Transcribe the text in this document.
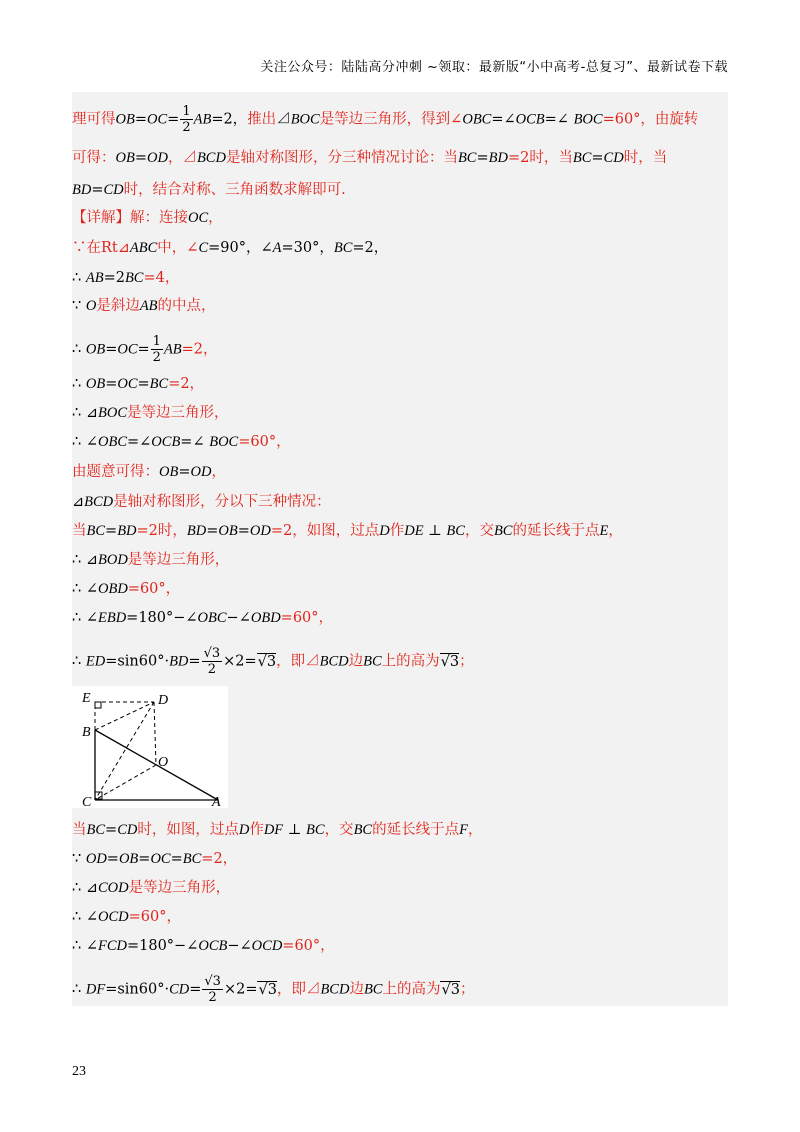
关注公众号：陆陆高分冲刺 ~领取：最新版“小中高考-总复习”、最新试卷下载
理可得$OB=OC= \frac{1}{2} AB=2$，推出⊿BOC是等边三角形，得到∠OBC=∠OCB=∠ BOC=60°，由旋转
可得：OB=OD，⊿BCD是轴对称图形，分三种情况讨论：当BC=BD=2时，当BC=CD时，当
BD=CD时，结合对称、三角函数求解即可.
【详解】解：连接OC，
∵在Rt⊿ABC中，∠C=90°，∠A=30°，BC=2，
∴ AB=2BC=4，
∵ O是斜边AB的中点，
∴ $OB=OC= \frac{1}{2} AB=2$，
∴ OB=OC=BC=2，
∴ ⊿BOC是等边三角形，
∴ ∠OBC=∠OCB=∠ BOC=60°，
由题意可得：OB=OD，
⊿BCD是轴对称图形，分以下三种情况：
当BC=BD=2时，BD=OB=OD=2，如图，过点D作DE ⊥ BC，交BC的延长线于点E，
∴ ⊿BOD是等边三角形，
∴ ∠OBD=60°，
∴ ∠EBD=180°−∠OBC−∠OBD=60°，
∴ $ED=\sin 60^\circ\cdot BD= \frac{√3}{2} \times 2=√3$，即⊿BCD边BC上的高为√3；
E	D
B
O
C	A
当BC=CD时，如图，过点D作DF ⊥ BC，交BC的延长线于点F，
∵ OD=OB=OC=BC=2，
∴ ⊿COD是等边三角形，
∴ ∠OCD=60°，
∴ ∠FCD=180°−∠OCB−∠OCD=60°，
∴ $DF=\sin 60^\circ\cdot CD= \frac{√3}{2} \times 2=√3$，即⊿BCD边BC上的高为√3；
23
